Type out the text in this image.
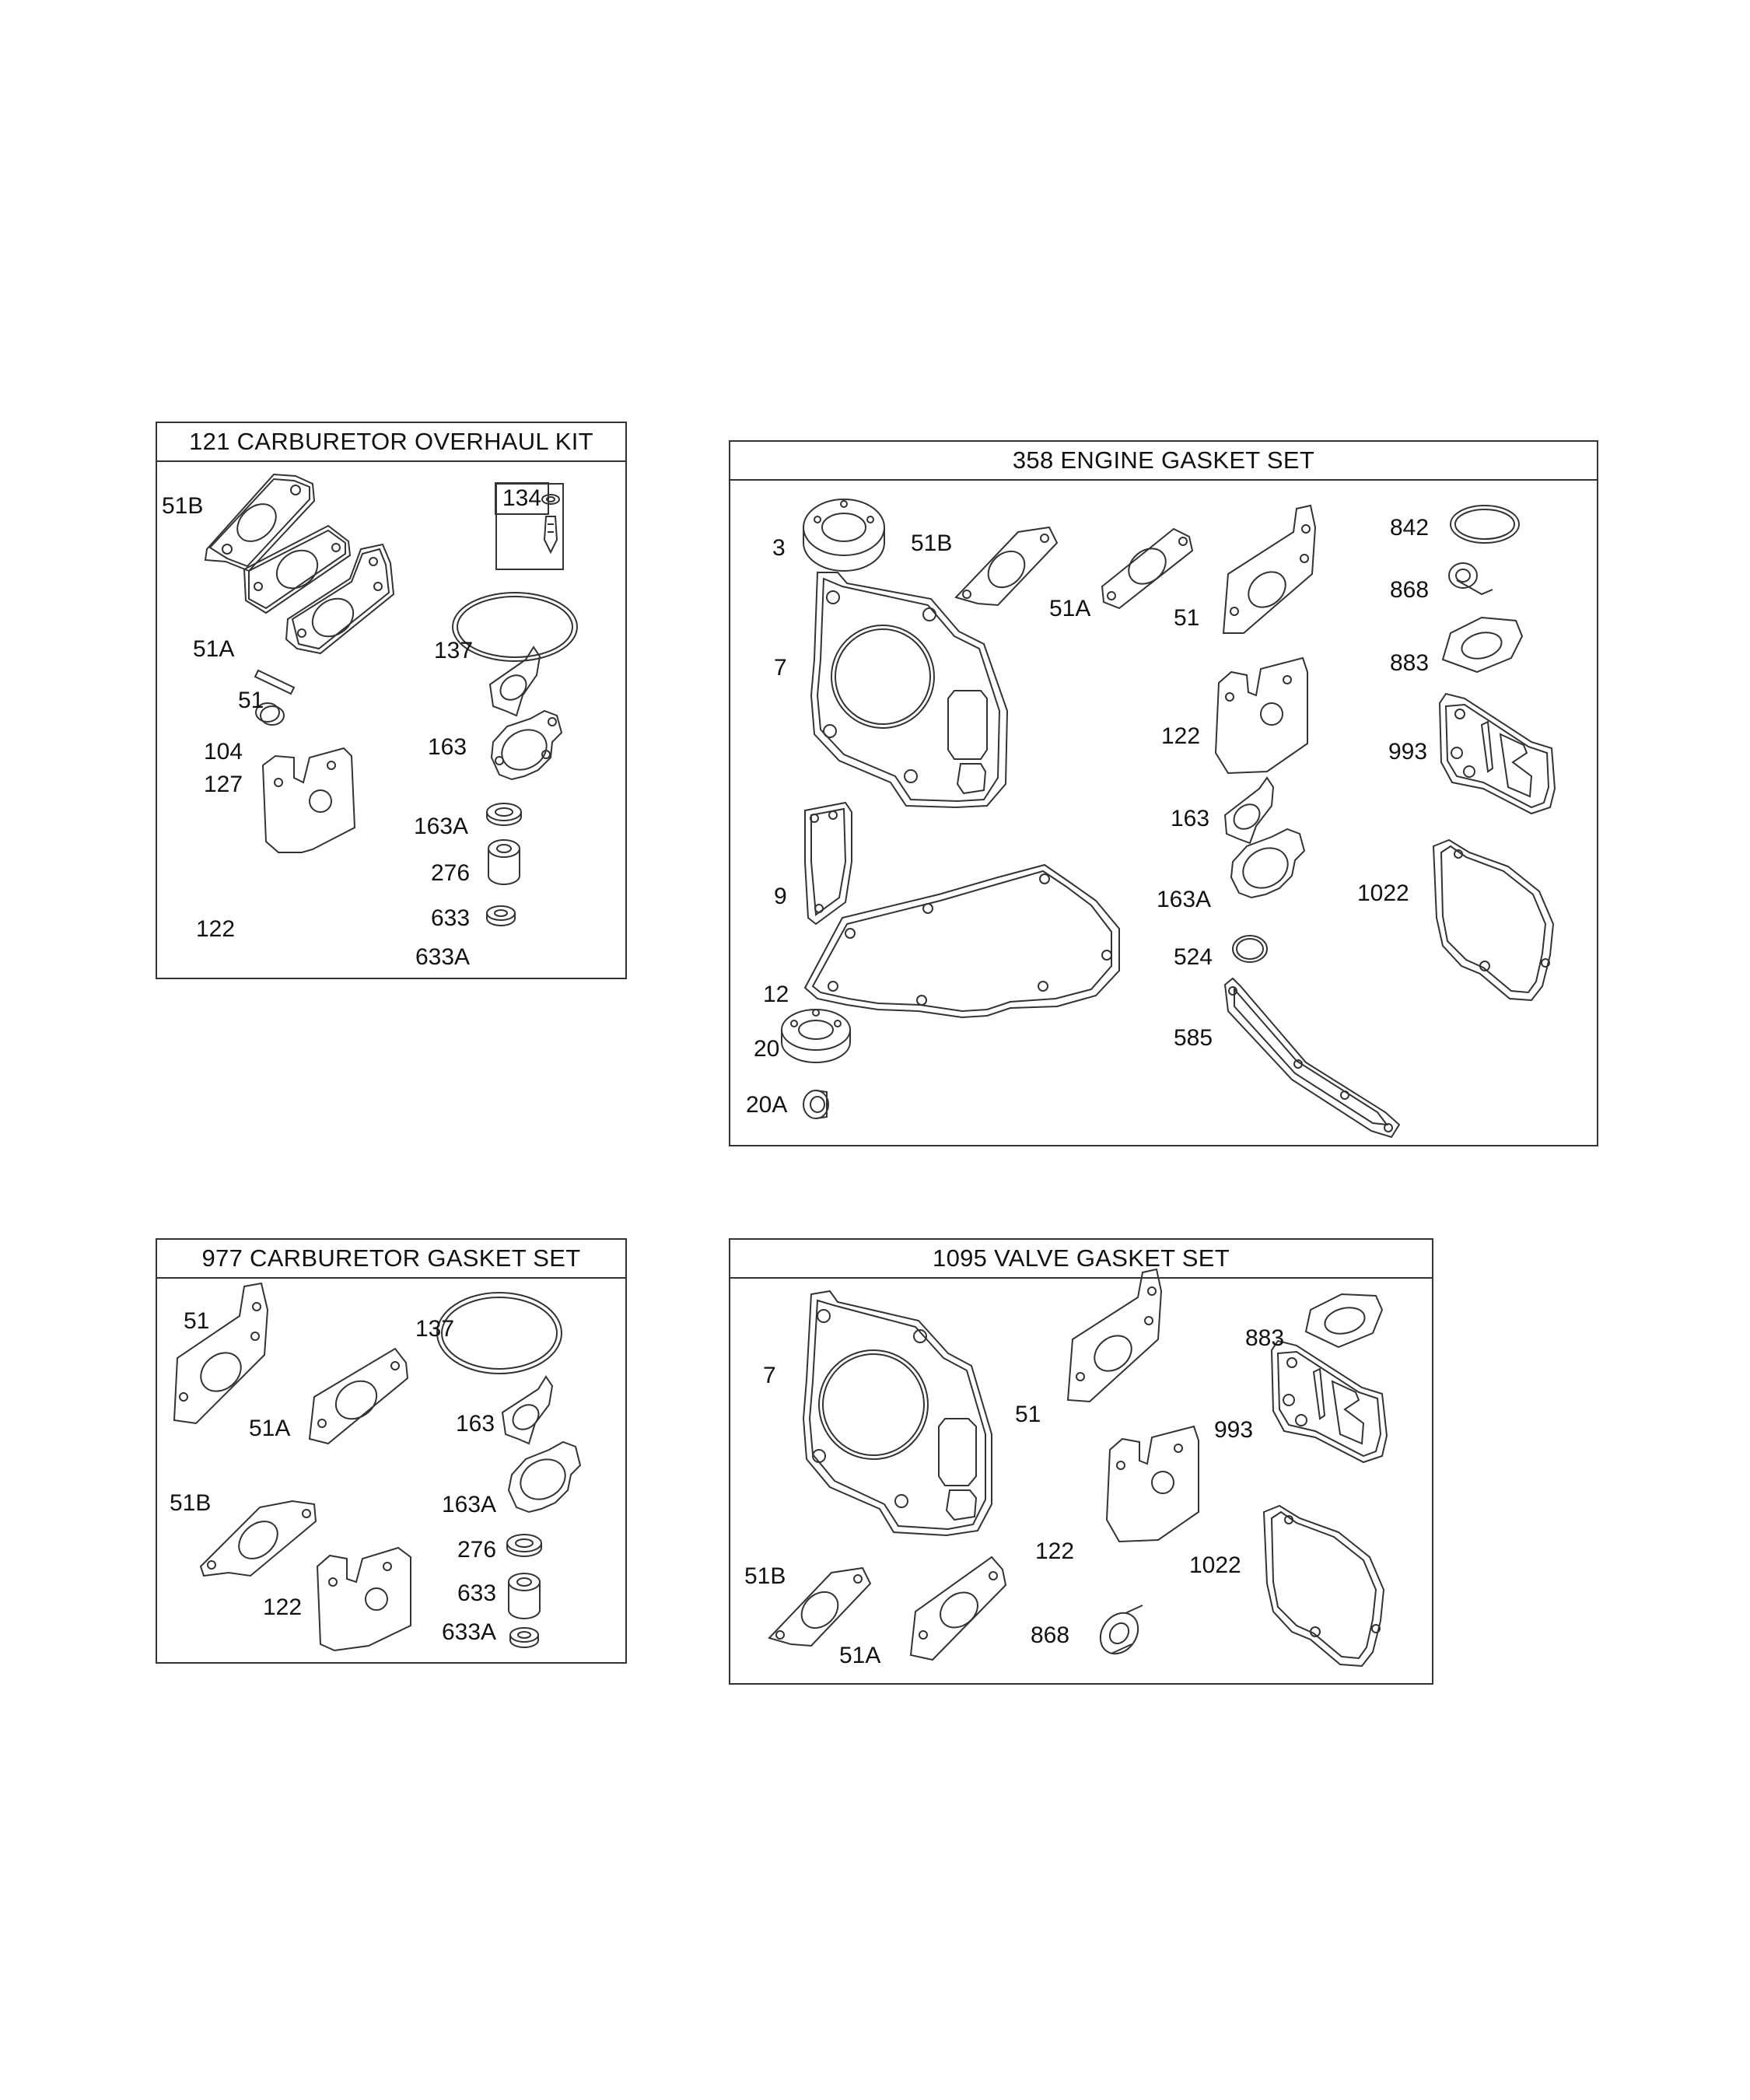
121 CARBURETOR OVERHAUL KIT
51B
51A
51
104
127
122
134
137
163
163A
276
633
633A
358 ENGINE GASKET SET
3	51B
51A	51
842
868
883
7
122
993
163
163A
9	1022
524
12
20	585
20A
977 CARBURETOR GASKET SET
51	137
51A	163
51B	163A
276
122
633
633A
1095 VALVE GASKET SET
7
883
51
993
122
1022
51B
868
51A
